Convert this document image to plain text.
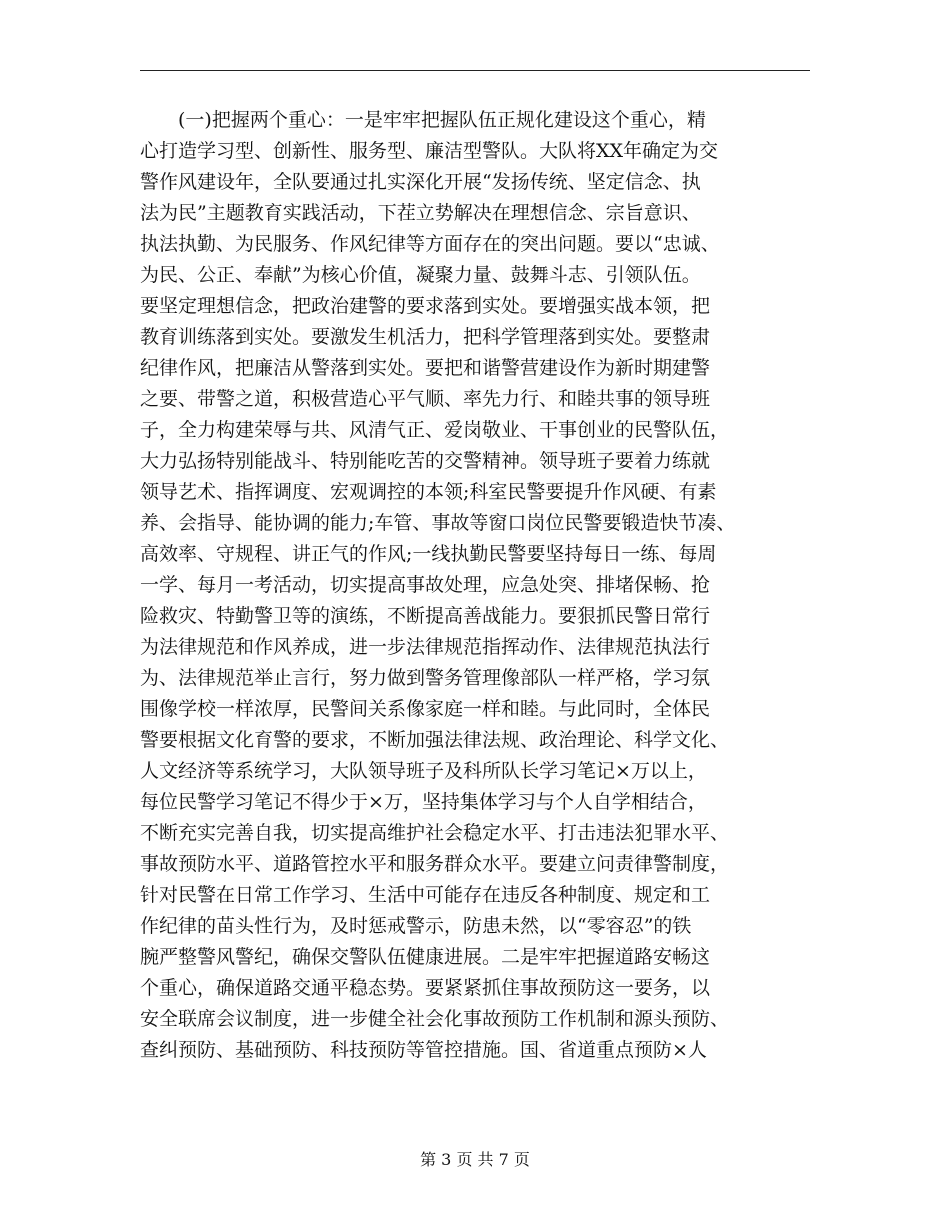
　　(一)把握两个重心：一是牢牢把握队伍正规化建设这个重心，精
心打造学习型、创新性、服务型、廉洁型警队。大队将XX年确定为交
警作风建设年，全队要通过扎实深化开展“发扬传统、坚定信念、执
法为民”主题教育实践活动，下茬立势解决在理想信念、宗旨意识、
执法执勤、为民服务、作风纪律等方面存在的突出问题。要以“忠诚、
为民、公正、奉献”为核心价值，凝聚力量、鼓舞斗志、引领队伍。
要坚定理想信念，把政治建警的要求落到实处。要增强实战本领，把
教育训练落到实处。要激发生机活力，把科学管理落到实处。要整肃
纪律作风，把廉洁从警落到实处。要把和谐警营建设作为新时期建警
之要、带警之道，积极营造心平气顺、率先力行、和睦共事的领导班
子，全力构建荣辱与共、风清气正、爱岗敬业、干事创业的民警队伍，
大力弘扬特别能战斗、特别能吃苦的交警精神。领导班子要着力练就
领导艺术、指挥调度、宏观调控的本领;科室民警要提升作风硬、有素
养、会指导、能协调的能力;车管、事故等窗口岗位民警要锻造快节凑、
高效率、守规程、讲正气的作风;一线执勤民警要坚持每日一练、每周
一学、每月一考活动，切实提高事故处理，应急处突、排堵保畅、抢
险救灾、特勤警卫等的演练，不断提高善战能力。要狠抓民警日常行
为法律规范和作风养成，进一步法律规范指挥动作、法律规范执法行
为、法律规范举止言行，努力做到警务管理像部队一样严格，学习氛
围像学校一样浓厚，民警间关系像家庭一样和睦。与此同时，全体民
警要根据文化育警的要求，不断加强法律法规、政治理论、科学文化、
人文经济等系统学习，大队领导班子及科所队长学习笔记×万以上，
每位民警学习笔记不得少于×万，坚持集体学习与个人自学相结合，
不断充实完善自我，切实提高维护社会稳定水平、打击违法犯罪水平、
事故预防水平、道路管控水平和服务群众水平。要建立问责律警制度，
针对民警在日常工作学习、生活中可能存在违反各种制度、规定和工
作纪律的苗头性行为，及时惩戒警示，防患未然，以“零容忍”的铁
腕严整警风警纪，确保交警队伍健康进展。二是牢牢把握道路安畅这
个重心，确保道路交通平稳态势。要紧紧抓住事故预防这一要务，以
安全联席会议制度，进一步健全社会化事故预防工作机制和源头预防、
查纠预防、基础预防、科技预防等管控措施。国、省道重点预防×人
第 3 页 共 7 页
